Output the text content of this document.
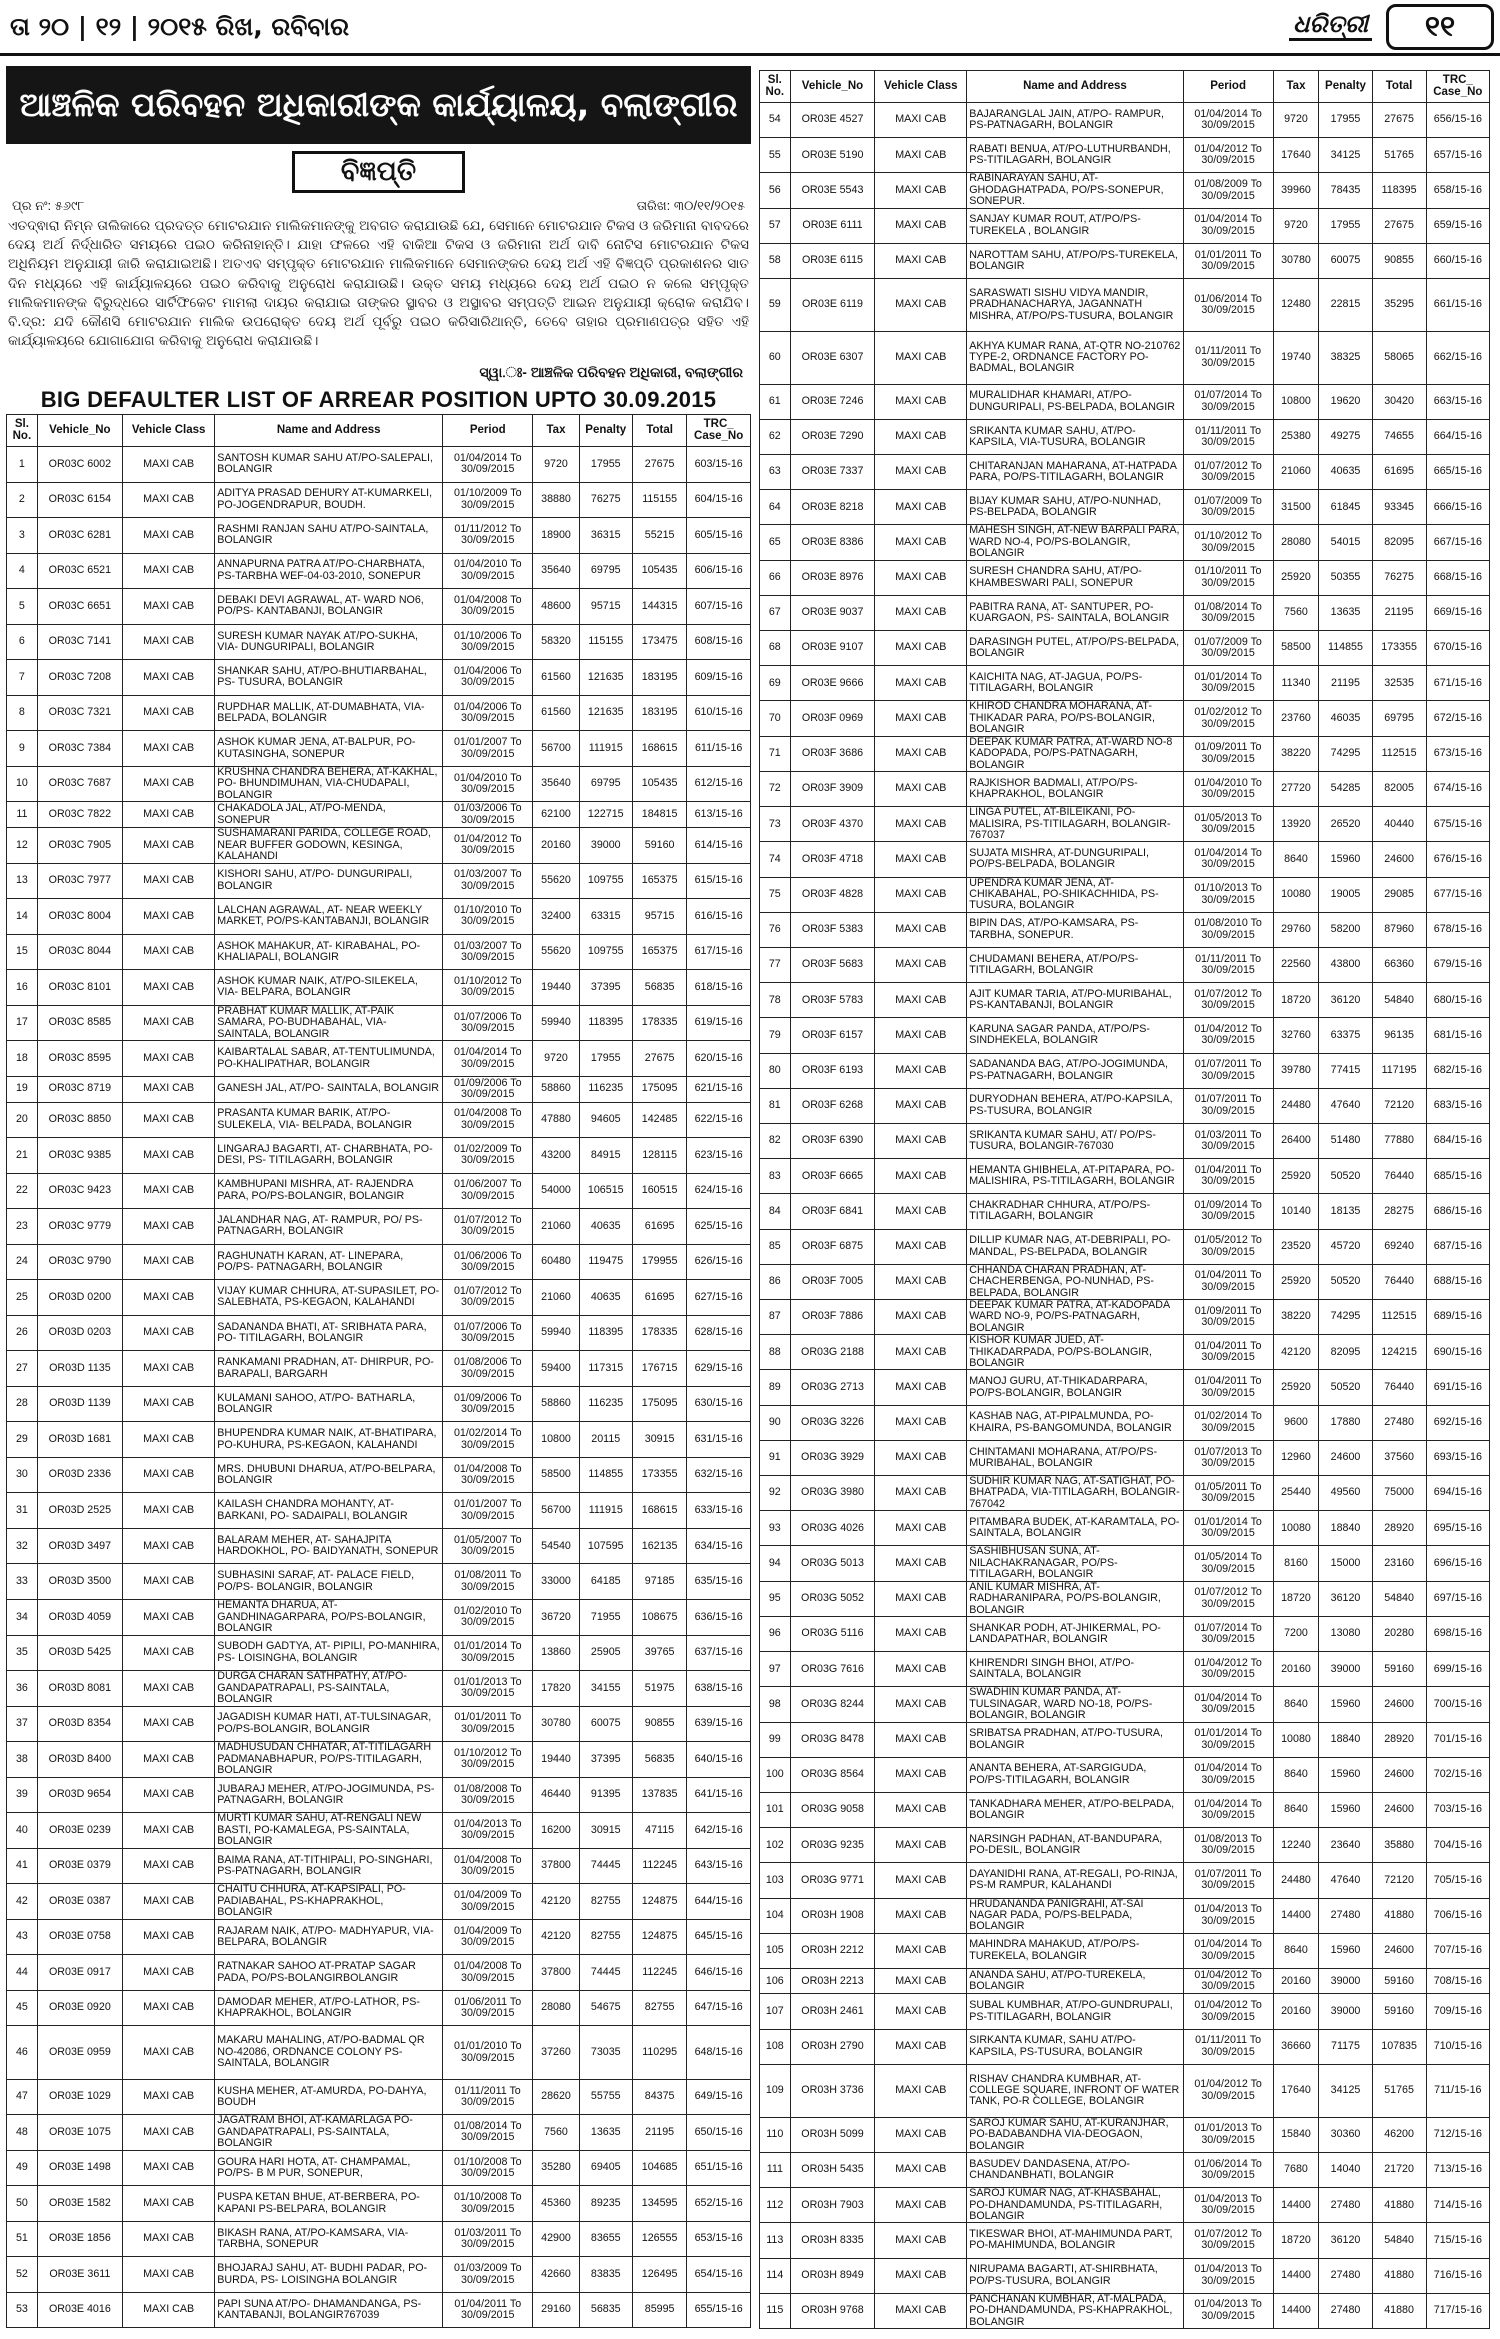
ତା ୨୦ | ୧୨ | ୨୦୧୫ ରିଖ, ରବିବାର	ଧରିତ୍ରୀ	୧୧
ଆଞ୍ଚଳିକ ପରିବହନ ଅଧିକାରୀଙ୍କ କାର୍ଯ୍ୟାଳୟ, ବଲାଙ୍ଗୀର
ବିଜ୍ଞପ୍ତି
ପ୍ର ନଂ: ୫୬୯୮	ତାରିଖ: ୩୦/୧୧/୨୦୧୫
ଏତଦ୍ଵାରା ନିମ୍ନ ତାଲିକାରେ ପ୍ରଦତ୍ତ ମୋଟରଯାନ ମାଲିକମାନଙ୍କୁ ଅବଗତ କରାଯାଉଛି ଯେ, ସେମାନେ ମୋଟରଯାନ ଟିକସ ଓ ଜରିମାନା ବାବଦରେ ଦେୟ ଅର୍ଥ ନିର୍ଦ୍ଧାରିତ ସମୟରେ ପଇଠ କରିନାହାନ୍ତି। ଯାହା ଫଳରେ ଏହି ବାକିଆ ଟିକସ ଓ ଜରିମାନା ଅର୍ଥ ଦାବି ନୋଟିସ ମୋଟରଯାନ ଟିକସ ଅଧିନିୟମ ଅନୁଯାୟୀ ଜାରି କରାଯାଇଅଛି। ଅତଏବ ସମ୍ପୃକ୍ତ ମୋଟରଯାନ ମାଲିକମାନେ ସେମାନଙ୍କର ଦେୟ ଅର୍ଥ ଏହି ବିଜ୍ଞପ୍ତି ପ୍ରକାଶନର ସାତ ଦିନ ମଧ୍ୟରେ ଏହି କାର୍ଯ୍ୟାଳୟରେ ପଇଠ କରିବାକୁ ଅନୁରୋଧ କରାଯାଉଛି। ଉକ୍ତ ସମୟ ମଧ୍ୟରେ ଦେୟ ଅର୍ଥ ପଇଠ ନ କଲେ ସମ୍ପୃକ୍ତ ମାଲିକମାନଙ୍କ ବିରୁଦ୍ଧରେ ସାର୍ଟିଫିକେଟ ମାମଲା ଦାୟର କରାଯାଇ ତାଙ୍କର ସ୍ଥାବର ଓ ଅସ୍ଥାବର ସମ୍ପତ୍ତି ଆଇନ ଅନୁଯାୟୀ କ୍ରୋକ କରାଯିବ। ବି.ଦ୍ର: ଯଦି କୌଣସି ମୋଟରଯାନ ମାଲିକ ଉପରୋକ୍ତ ଦେୟ ଅର୍ଥ ପୂର୍ବରୁ ପଇଠ କରିସାରିଥାନ୍ତି, ତେବେ ତାହାର ପ୍ରମାଣପତ୍ର ସହିତ ଏହି କାର୍ଯ୍ୟାଳୟରେ ଯୋଗାଯୋଗ କରିବାକୁ ଅନୁରୋଧ କରାଯାଉଛି।
ସ୍ୱା.ଃ- ଆଞ୍ଚଳିକ ପରିବହନ ଅଧିକାରୀ, ବଲାଙ୍ଗୀର
BIG DEFAULTER LIST OF ARREAR POSITION UPTO 30.09.2015
Sl. No.	Vehicle_No	Vehicle Class	Name and Address	Period	Tax	Penalty	Total	TRC_ Case_No
1	OR03C 6002	MAXI CAB	SANTOSH KUMAR SAHU AT/PO-SALEPALI, BOLANGIR	01/04/2014 To 30/09/2015	9720	17955	27675	603/15-16
2	OR03C 6154	MAXI CAB	ADITYA PRASAD DEHURY AT-KUMARKELI, PO-JOGENDRAPUR, BOUDH.	01/10/2009 To 30/09/2015	38880	76275	115155	604/15-16
3	OR03C 6281	MAXI CAB	RASHMI RANJAN SAHU AT/PO-SAINTALA, BOLANGIR	01/11/2012 To 30/09/2015	18900	36315	55215	605/15-16
4	OR03C 6521	MAXI CAB	ANNAPURNA PATRA AT/PO-CHARBHATA, PS-TARBHA WEF-04-03-2010, SONEPUR	01/04/2010 To 30/09/2015	35640	69795	105435	606/15-16
5	OR03C 6651	MAXI CAB	DEBAKI DEVI AGRAWAL, AT- WARD NO6, PO/PS- KANTABANJI, BOLANGIR	01/04/2008 To 30/09/2015	48600	95715	144315	607/15-16
6	OR03C 7141	MAXI CAB	SURESH KUMAR NAYAK AT/PO-SUKHA, VIA- DUNGURIPALI, BOLANGIR	01/10/2006 To 30/09/2015	58320	115155	173475	608/15-16
7	OR03C 7208	MAXI CAB	SHANKAR SAHU, AT/PO-BHUTIARBAHAL, PS- TUSURA, BOLANGIR	01/04/2006 To 30/09/2015	61560	121635	183195	609/15-16
8	OR03C 7321	MAXI CAB	RUPDHAR MALLIK, AT-DUMABHATA, VIA-BELPADA, BOLANGIR	01/04/2006 To 30/09/2015	61560	121635	183195	610/15-16
9	OR03C 7384	MAXI CAB	ASHOK KUMAR JENA, AT-BALPUR, PO-KUTASINGHA, SONEPUR	01/01/2007 To 30/09/2015	56700	111915	168615	611/15-16
10	OR03C 7687	MAXI CAB	KRUSHNA CHANDRA BEHERA, AT-KAKHAL, PO- BHUNDIMUHAN, VIA-CHUDAPALI, BOLANGIR	01/04/2010 To 30/09/2015	35640	69795	105435	612/15-16
11	OR03C 7822	MAXI CAB	CHAKADOLA JAL, AT/PO-MENDA, SONEPUR	01/03/2006 To 30/09/2015	62100	122715	184815	613/15-16
12	OR03C 7905	MAXI CAB	SUSHAMARANI PARIDA, COLLEGE ROAD, NEAR BUFFER GODOWN, KESINGA, KALAHANDI	01/04/2012 To 30/09/2015	20160	39000	59160	614/15-16
13	OR03C 7977	MAXI CAB	KISHORI SAHU, AT/PO- DUNGURIPALI, BOLANGIR	01/03/2007 To 30/09/2015	55620	109755	165375	615/15-16
14	OR03C 8004	MAXI CAB	LALCHAN AGRAWAL, AT- NEAR WEEKLY MARKET, PO/PS-KANTABANJI, BOLANGIR	01/10/2010 To 30/09/2015	32400	63315	95715	616/15-16
15	OR03C 8044	MAXI CAB	ASHOK MAHAKUR, AT- KIRABAHAL, PO- KHALIAPALI, BOLANGIR	01/03/2007 To 30/09/2015	55620	109755	165375	617/15-16
16	OR03C 8101	MAXI CAB	ASHOK KUMAR NAIK, AT/PO-SILEKELA, VIA- BELPARA, BOLANGIR	01/10/2012 To 30/09/2015	19440	37395	56835	618/15-16
17	OR03C 8585	MAXI CAB	PRABHAT KUMAR MALLIK, AT-PAIK SAMARA, PO-BUDHABAHAL, VIA-SAINTALA, BOLANGIR	01/07/2006 To 30/09/2015	59940	118395	178335	619/15-16
18	OR03C 8595	MAXI CAB	KAIBARTALAL SABAR, AT-TENTULIMUNDA, PO-KHALIPATHAR, BOLANGIR	01/04/2014 To 30/09/2015	9720	17955	27675	620/15-16
19	OR03C 8719	MAXI CAB	GANESH JAL, AT/PO- SAINTALA, BOLANGIR	01/09/2006 To 30/09/2015	58860	116235	175095	621/15-16
20	OR03C 8850	MAXI CAB	PRASANTA KUMAR BARIK, AT/PO-SULEKELA, VIA- BELPADA, BOLANGIR	01/04/2008 To 30/09/2015	47880	94605	142485	622/15-16
21	OR03C 9385	MAXI CAB	LINGARAJ BAGARTI, AT- CHARBHATA, PO- DESI, PS- TITILAGARH, BOLANGIR	01/02/2009 To 30/09/2015	43200	84915	128115	623/15-16
22	OR03C 9423	MAXI CAB	KAMBHUPANI MISHRA, AT- RAJENDRA PARA, PO/PS-BOLANGIR, BOLANGIR	01/06/2007 To 30/09/2015	54000	106515	160515	624/15-16
23	OR03C 9779	MAXI CAB	JALANDHAR NAG, AT- RAMPUR, PO/ PS- PATNAGARH, BOLANGIR	01/07/2012 To 30/09/2015	21060	40635	61695	625/15-16
24	OR03C 9790	MAXI CAB	RAGHUNATH KARAN, AT- LINEPARA, PO/PS- PATNAGARH, BOLANGIR	01/06/2006 To 30/09/2015	60480	119475	179955	626/15-16
25	OR03D 0200	MAXI CAB	VIJAY KUMAR CHHURA, AT-SUPASILET, PO-SALEBHATA, PS-KEGAON, KALAHANDI	01/07/2012 To 30/09/2015	21060	40635	61695	627/15-16
26	OR03D 0203	MAXI CAB	SADANANDA BHATI, AT- SRIBHATA PARA, PO- TITILAGARH, BOLANGIR	01/07/2006 To 30/09/2015	59940	118395	178335	628/15-16
27	OR03D 1135	MAXI CAB	RANKAMANI PRADHAN, AT- DHIRPUR, PO- BARAPALI, BARGARH	01/08/2006 To 30/09/2015	59400	117315	176715	629/15-16
28	OR03D 1139	MAXI CAB	KULAMANI SAHOO, AT/PO- BATHARLA, BOLANGIR	01/09/2006 To 30/09/2015	58860	116235	175095	630/15-16
29	OR03D 1681	MAXI CAB	BHUPENDRA KUMAR NAIK, AT-BHATIPARA, PO-KUHURA, PS-KEGAON, KALAHANDI	01/02/2014 To 30/09/2015	10800	20115	30915	631/15-16
30	OR03D 2336	MAXI CAB	MRS. DHUBUNI DHARUA, AT/PO-BELPARA, BOLANGIR	01/04/2008 To 30/09/2015	58500	114855	173355	632/15-16
31	OR03D 2525	MAXI CAB	KAILASH CHANDRA MOHANTY, AT-BARKANI, PO- SADAIPALI, BOLANGIR	01/01/2007 To 30/09/2015	56700	111915	168615	633/15-16
32	OR03D 3497	MAXI CAB	BALARAM MEHER, AT- SAHAJPITA HARDOKHOL, PO- BAIDYANATH, SONEPUR	01/05/2007 To 30/09/2015	54540	107595	162135	634/15-16
33	OR03D 3500	MAXI CAB	SUBHASINI SARAF, AT- PALACE FIELD, PO/PS- BOLANGIR, BOLANGIR	01/08/2011 To 30/09/2015	33000	64185	97185	635/15-16
34	OR03D 4059	MAXI CAB	HEMANTA DHARUA, AT-GANDHINAGARPARA, PO/PS-BOLANGIR, BOLANGIR	01/02/2010 To 30/09/2015	36720	71955	108675	636/15-16
35	OR03D 5425	MAXI CAB	SUBODH GADTYA, AT- PIPILI, PO-MANHIRA, PS- LOISINGHA, BOLANGIR	01/01/2014 To 30/09/2015	13860	25905	39765	637/15-16
36	OR03D 8081	MAXI CAB	DURGA CHARAN SATHPATHY, AT/PO-GANDAPATRAPALI, PS-SAINTALA, BOLANGIR	01/01/2013 To 30/09/2015	17820	34155	51975	638/15-16
37	OR03D 8354	MAXI CAB	JAGADISH KUMAR HATI, AT-TULSINAGAR, PO/PS-BOLANGIR, BOLANGIR	01/01/2011 To 30/09/2015	30780	60075	90855	639/15-16
38	OR03D 8400	MAXI CAB	MADHUSUDAN CHHATAR, AT-TITILAGARH PADMANABHAPUR, PO/PS-TITILAGARH, BOLANGIR	01/10/2012 To 30/09/2015	19440	37395	56835	640/15-16
39	OR03D 9654	MAXI CAB	JUBARAJ MEHER, AT/PO-JOGIMUNDA, PS-PATNAGARH, BOLANGIR	01/08/2008 To 30/09/2015	46440	91395	137835	641/15-16
40	OR03E 0239	MAXI CAB	MURTI KUMAR SAHU, AT-RENGALI NEW BASTI, PO-KAMALEGA, PS-SAINTALA, BOLANGIR	01/04/2013 To 30/09/2015	16200	30915	47115	642/15-16
41	OR03E 0379	MAXI CAB	BAIMA RANA, AT-TITHIPALI, PO-SINGHARI, PS-PATNAGARH, BOLANGIR	01/04/2008 To 30/09/2015	37800	74445	112245	643/15-16
42	OR03E 0387	MAXI CAB	CHAITU CHHURA, AT-KAPSIPALI, PO-PADIABAHAL, PS-KHAPRAKHOL, BOLANGIR	01/04/2009 To 30/09/2015	42120	82755	124875	644/15-16
43	OR03E 0758	MAXI CAB	RAJARAM NAIK, AT/PO- MADHYAPUR, VIA- BELPARA, BOLANGIR	01/04/2009 To 30/09/2015	42120	82755	124875	645/15-16
44	OR03E 0917	MAXI CAB	RATNAKAR SAHOO AT-PRATAP SAGAR PADA, PO/PS-BOLANGIRBOLANGIR	01/04/2008 To 30/09/2015	37800	74445	112245	646/15-16
45	OR03E 0920	MAXI CAB	DAMODAR MEHER, AT/PO-LATHOR, PS-KHAPRAKHOL, BOLANGIR	01/06/2011 To 30/09/2015	28080	54675	82755	647/15-16
46	OR03E 0959	MAXI CAB	MAKARU MAHALING, AT/PO-BADMAL QR NO-42086, ORDNANCE COLONY PS- SAINTALA, BOLANGIR	01/01/2010 To 30/09/2015	37260	73035	110295	648/15-16
47	OR03E 1029	MAXI CAB	KUSHA MEHER, AT-AMURDA, PO-DAHYA, BOUDH	01/11/2011 To 30/09/2015	28620	55755	84375	649/15-16
48	OR03E 1075	MAXI CAB	JAGATRAM BHOI, AT-KAMARLAGA PO-GANDAPATRAPALI, PS-SAINTALA, BOLANGIR	01/08/2014 To 30/09/2015	7560	13635	21195	650/15-16
49	OR03E 1498	MAXI CAB	GOURA HARI HOTA, AT- CHAMPAMAL, PO/PS- B M PUR, SONEPUR,	01/10/2008 To 30/09/2015	35280	69405	104685	651/15-16
50	OR03E 1582	MAXI CAB	PUSPA KETAN BHUE, AT-BERBERA, PO-KAPANI PS-BELPARA, BOLANGIR	01/10/2008 To 30/09/2015	45360	89235	134595	652/15-16
51	OR03E 1856	MAXI CAB	BIKASH RANA, AT/PO-KAMSARA, VIA-TARBHA, SONEPUR	01/03/2011 To 30/09/2015	42900	83655	126555	653/15-16
52	OR03E 3611	MAXI CAB	BHOJARAJ SAHU, AT- BUDHI PADAR, PO- BURDA, PS- LOISINGHA BOLANGIR	01/03/2009 To 30/09/2015	42660	83835	126495	654/15-16
53	OR03E 4016	MAXI CAB	PAPI SUNA AT/PO- DHAMANDANGA, PS-KANTABANJI, BOLANGIR767039	01/04/2011 To 30/09/2015	29160	56835	85995	655/15-16
Sl. No.	Vehicle_No	Vehicle Class	Name and Address	Period	Tax	Penalty	Total	TRC_ Case_No
54	OR03E 4527	MAXI CAB	BAJARANGLAL JAIN, AT/PO- RAMPUR, PS-PATNAGARH, BOLANGIR	01/04/2014 To 30/09/2015	9720	17955	27675	656/15-16
55	OR03E 5190	MAXI CAB	RABATI BENUA, AT/PO-LUTHURBANDH, PS-TITILAGARH, BOLANGIR	01/04/2012 To 30/09/2015	17640	34125	51765	657/15-16
56	OR03E 5543	MAXI CAB	RABINARAYAN SAHU, AT-GHODAGHATPADA, PO/PS-SONEPUR, SONEPUR.	01/08/2009 To 30/09/2015	39960	78435	118395	658/15-16
57	OR03E 6111	MAXI CAB	SANJAY KUMAR ROUT, AT/PO/PS-TUREKELA , BOLANGIR	01/04/2014 To 30/09/2015	9720	17955	27675	659/15-16
58	OR03E 6115	MAXI CAB	NAROTTAM SAHU, AT/PO/PS-TUREKELA, BOLANGIR	01/01/2011 To 30/09/2015	30780	60075	90855	660/15-16
59	OR03E 6119	MAXI CAB	SARASWATI SISHU VIDYA MANDIR, PRADHANACHARYA, JAGANNATH MISHRA, AT/PO/PS-TUSURA, BOLANGIR	01/06/2014 To 30/09/2015	12480	22815	35295	661/15-16
60	OR03E 6307	MAXI CAB	AKHYA KUMAR RANA, AT-QTR NO-210762 TYPE-2, ORDNANCE FACTORY PO-BADMAL, BOLANGIR	01/11/2011 To 30/09/2015	19740	38325	58065	662/15-16
61	OR03E 7246	MAXI CAB	MURALIDHAR KHAMARI, AT/PO-DUNGURIPALI, PS-BELPADA, BOLANGIR	01/07/2014 To 30/09/2015	10800	19620	30420	663/15-16
62	OR03E 7290	MAXI CAB	SRIKANTA KUMAR SAHU, AT/PO-KAPSILA, VIA-TUSURA, BOLANGIR	01/11/2011 To 30/09/2015	25380	49275	74655	664/15-16
63	OR03E 7337	MAXI CAB	CHITARANJAN MAHARANA, AT-HATPADA PARA, PO/PS-TITILAGARH, BOLANGIR	01/07/2012 To 30/09/2015	21060	40635	61695	665/15-16
64	OR03E 8218	MAXI CAB	BIJAY KUMAR SAHU, AT/PO-NUNHAD, PS-BELPADA, BOLANGIR	01/07/2009 To 30/09/2015	31500	61845	93345	666/15-16
65	OR03E 8386	MAXI CAB	MAHESH SINGH, AT-NEW BARPALI PARA, WARD NO-4, PO/PS-BOLANGIR, BOLANGIR	01/10/2012 To 30/09/2015	28080	54015	82095	667/15-16
66	OR03E 8976	MAXI CAB	SURESH CHANDRA SAHU, AT/PO-KHAMBESWARI PALI, SONEPUR	01/10/2011 To 30/09/2015	25920	50355	76275	668/15-16
67	OR03E 9037	MAXI CAB	PABITRA RANA, AT- SANTUPER, PO-KUARGAON, PS- SAINTALA, BOLANGIR	01/08/2014 To 30/09/2015	7560	13635	21195	669/15-16
68	OR03E 9107	MAXI CAB	DARASINGH PUTEL, AT/PO/PS-BELPADA, BOLANGIR	01/07/2009 To 30/09/2015	58500	114855	173355	670/15-16
69	OR03E 9666	MAXI CAB	KAICHITA NAG, AT-JAGUA, PO/PS-TITILAGARH, BOLANGIR	01/01/2014 To 30/09/2015	11340	21195	32535	671/15-16
70	OR03F 0969	MAXI CAB	KHIROD CHANDRA MOHARANA, AT-THIKADAR PARA, PO/PS-BOLANGIR, BOLANGIR	01/02/2012 To 30/09/2015	23760	46035	69795	672/15-16
71	OR03F 3686	MAXI CAB	DEEPAK KUMAR PATRA, AT-WARD NO-8 KADOPADA, PO/PS-PATNAGARH, BOLANGIR	01/09/2011 To 30/09/2015	38220	74295	112515	673/15-16
72	OR03F 3909	MAXI CAB	RAJKISHOR BADMALI, AT/PO/PS-KHAPRAKHOL, BOLANGIR	01/04/2010 To 30/09/2015	27720	54285	82005	674/15-16
73	OR03F 4370	MAXI CAB	LINGA PUTEL, AT-BILEIKANI, PO-MALISIRA, PS-TITILAGARH, BOLANGIR-767037	01/05/2013 To 30/09/2015	13920	26520	40440	675/15-16
74	OR03F 4718	MAXI CAB	SUJATA MISHRA, AT-DUNGURIPALI, PO/PS-BELPADA, BOLANGIR	01/04/2014 To 30/09/2015	8640	15960	24600	676/15-16
75	OR03F 4828	MAXI CAB	UPENDRA KUMAR JENA, AT-CHIKABAHAL, PO-SHIKACHHIDA, PS-TUSURA, BOLANGIR	01/10/2013 To 30/09/2015	10080	19005	29085	677/15-16
76	OR03F 5383	MAXI CAB	BIPIN DAS, AT/PO-KAMSARA, PS-TARBHA, SONEPUR.	01/08/2010 To 30/09/2015	29760	58200	87960	678/15-16
77	OR03F 5683	MAXI CAB	CHUDAMANI BEHERA, AT/PO/PS-TITILAGARH, BOLANGIR	01/11/2011 To 30/09/2015	22560	43800	66360	679/15-16
78	OR03F 5783	MAXI CAB	AJIT KUMAR TARIA, AT/PO-MURIBAHAL, PS-KANTABANJI, BOLANGIR	01/07/2012 To 30/09/2015	18720	36120	54840	680/15-16
79	OR03F 6157	MAXI CAB	KARUNA SAGAR PANDA, AT/PO/PS-SINDHEKELA, BOLANGIR	01/04/2012 To 30/09/2015	32760	63375	96135	681/15-16
80	OR03F 6193	MAXI CAB	SADANANDA BAG, AT/PO-JOGIMUNDA, PS-PATNAGARH, BOLANGIR	01/07/2011 To 30/09/2015	39780	77415	117195	682/15-16
81	OR03F 6268	MAXI CAB	DURYODHAN BEHERA, AT/PO-KAPSILA, PS-TUSURA, BOLANGIR	01/07/2011 To 30/09/2015	24480	47640	72120	683/15-16
82	OR03F 6390	MAXI CAB	SRIKANTA KUMAR SAHU, AT/ PO/PS-TUSURA, BOLANGIR-767030	01/03/2011 To 30/09/2015	26400	51480	77880	684/15-16
83	OR03F 6665	MAXI CAB	HEMANTA GHIBHELA, AT-PITAPARA, PO-MALISHIRA, PS-TITILAGARH, BOLANGIR	01/04/2011 To 30/09/2015	25920	50520	76440	685/15-16
84	OR03F 6841	MAXI CAB	CHAKRADHAR CHHURA, AT/PO/PS-TITILAGARH, BOLANGIR	01/09/2014 To 30/09/2015	10140	18135	28275	686/15-16
85	OR03F 6875	MAXI CAB	DILLIP KUMAR NAG, AT-DEBRIPALI, PO-MANDAL, PS-BELPADA, BOLANGIR	01/05/2012 To 30/09/2015	23520	45720	69240	687/15-16
86	OR03F 7005	MAXI CAB	CHHANDA CHARAN PRADHAN, AT-CHACHERBENGA, PO-NUNHAD, PS-BELPADA, BOLANGIR	01/04/2011 To 30/09/2015	25920	50520	76440	688/15-16
87	OR03F 7886	MAXI CAB	DEEPAK KUMAR PATRA, AT-KADOPADA WARD NO-9, PO/PS-PATNAGARH, BOLANGIR	01/09/2011 To 30/09/2015	38220	74295	112515	689/15-16
88	OR03G 2188	MAXI CAB	KISHOR KUMAR JUED, AT-THIKADARPADA, PO/PS-BOLANGIR, BOLANGIR	01/04/2011 To 30/09/2015	42120	82095	124215	690/15-16
89	OR03G 2713	MAXI CAB	MANOJ GURU, AT-THIKADARPARA, PO/PS-BOLANGIR, BOLANGIR	01/04/2011 To 30/09/2015	25920	50520	76440	691/15-16
90	OR03G 3226	MAXI CAB	KASHAB NAG, AT-PIPALMUNDA, PO-KHAIRA, PS-BANGOMUNDA, BOLANGIR	01/02/2014 To 30/09/2015	9600	17880	27480	692/15-16
91	OR03G 3929	MAXI CAB	CHINTAMANI MOHARANA, AT/PO/PS-MURIBAHAL, BOLANGIR	01/07/2013 To 30/09/2015	12960	24600	37560	693/15-16
92	OR03G 3980	MAXI CAB	SUDHIR KUMAR NAG, AT-SATIGHAT, PO-BHATPADA, VIA-TITILAGARH, BOLANGIR-767042	01/05/2011 To 30/09/2015	25440	49560	75000	694/15-16
93	OR03G 4026	MAXI CAB	PITAMBARA BUDEK, AT-KARAMTALA, PO-SAINTALA, BOLANGIR	01/01/2014 To 30/09/2015	10080	18840	28920	695/15-16
94	OR03G 5013	MAXI CAB	SASHIBHUSAN SUNA, AT-NILACHAKRANAGAR, PO/PS-TITILAGARH, BOLANGIR	01/05/2014 To 30/09/2015	8160	15000	23160	696/15-16
95	OR03G 5052	MAXI CAB	ANIL KUMAR MISHRA, AT-RADHARANIPARA, PO/PS-BOLANGIR, BOLANGIR	01/07/2012 To 30/09/2015	18720	36120	54840	697/15-16
96	OR03G 5116	MAXI CAB	SHANKAR PODH, AT-JHIKERMAL, PO-LANDAPATHAR, BOLANGIR	01/07/2014 To 30/09/2015	7200	13080	20280	698/15-16
97	OR03G 7616	MAXI CAB	KHIRENDRI SINGH BHOI, AT/PO-SAINTALA, BOLANGIR	01/04/2012 To 30/09/2015	20160	39000	59160	699/15-16
98	OR03G 8244	MAXI CAB	SWADHIN KUMAR PANDA, AT-TULSINAGAR, WARD NO-18, PO/PS-BOLANGIR, BOLANGIR	01/04/2014 To 30/09/2015	8640	15960	24600	700/15-16
99	OR03G 8478	MAXI CAB	SRIBATSA PRADHAN, AT/PO-TUSURA, BOLANGIR	01/01/2014 To 30/09/2015	10080	18840	28920	701/15-16
100	OR03G 8564	MAXI CAB	ANANTA BEHERA, AT-SARGIGUDA, PO/PS-TITILAGARH, BOLANGIR	01/04/2014 To 30/09/2015	8640	15960	24600	702/15-16
101	OR03G 9058	MAXI CAB	TANKADHARA MEHER, AT/PO-BELPADA, BOLANGIR	01/04/2014 To 30/09/2015	8640	15960	24600	703/15-16
102	OR03G 9235	MAXI CAB	NARSINGH PADHAN, AT-BANDUPARA, PO-DESIL, BOLANGIR	01/08/2013 To 30/09/2015	12240	23640	35880	704/15-16
103	OR03G 9771	MAXI CAB	DAYANIDHI RANA, AT-REGALI, PO-RINJA, PS-M RAMPUR, KALAHANDI	01/07/2011 To 30/09/2015	24480	47640	72120	705/15-16
104	OR03H 1908	MAXI CAB	HRUDANANDA PANIGRAHI, AT-SAI NAGAR PADA, PO/PS-BELPADA, BOLANGIR	01/04/2013 To 30/09/2015	14400	27480	41880	706/15-16
105	OR03H 2212	MAXI CAB	MAHINDRA MAHAKUD, AT/PO/PS-TUREKELA, BOLANGIR	01/04/2014 To 30/09/2015	8640	15960	24600	707/15-16
106	OR03H 2213	MAXI CAB	ANANDA SAHU, AT/PO-TUREKELA, BOLANGIR	01/04/2012 To 30/09/2015	20160	39000	59160	708/15-16
107	OR03H 2461	MAXI CAB	SUBAL KUMBHAR, AT/PO-GUNDRUPALI, PS-TITILAGARH, BOLANGIR	01/04/2012 To 30/09/2015	20160	39000	59160	709/15-16
108	OR03H 2790	MAXI CAB	SIRKANTA KUMAR, SAHU AT/PO-KAPSILA, PS-TUSURA, BOLANGIR	01/11/2011 To 30/09/2015	36660	71175	107835	710/15-16
109	OR03H 3736	MAXI CAB	RISHAV CHANDRA KUMBHAR, AT-COLLEGE SQUARE, INFRONT OF WATER TANK, PO-R COLLEGE, BOLANGIR	01/04/2012 To 30/09/2015	17640	34125	51765	711/15-16
110	OR03H 5099	MAXI CAB	SAROJ KUMAR SAHU, AT-KURANJHAR, PO-BADABANDHA VIA-DEOGAON, BOLANGIR	01/01/2013 To 30/09/2015	15840	30360	46200	712/15-16
111	OR03H 5435	MAXI CAB	BASUDEV DANDASENA, AT/PO-CHANDANBHATI, BOLANGIR	01/06/2014 To 30/09/2015	7680	14040	21720	713/15-16
112	OR03H 7903	MAXI CAB	SAROJ KUMAR NAG, AT-KHASBAHAL, PO-DHANDAMUNDA, PS-TITILAGARH, BOLANGIR	01/04/2013 To 30/09/2015	14400	27480	41880	714/15-16
113	OR03H 8335	MAXI CAB	TIKESWAR BHOI, AT-MAHIMUNDA PART, PO-MAHIMUNDA, BOLANGIR	01/07/2012 To 30/09/2015	18720	36120	54840	715/15-16
114	OR03H 8949	MAXI CAB	NIRUPAMA BAGARTI, AT-SHIRBHATA, PO/PS-TUSURA, BOLANGIR	01/04/2013 To 30/09/2015	14400	27480	41880	716/15-16
115	OR03H 9768	MAXI CAB	PANCHANAN KUMBHAR, AT-MALPADA, PO-DHANDAMUNDA, PS-KHAPRAKHOL, BOLANGIR	01/04/2013 To 30/09/2015	14400	27480	41880	717/15-16
